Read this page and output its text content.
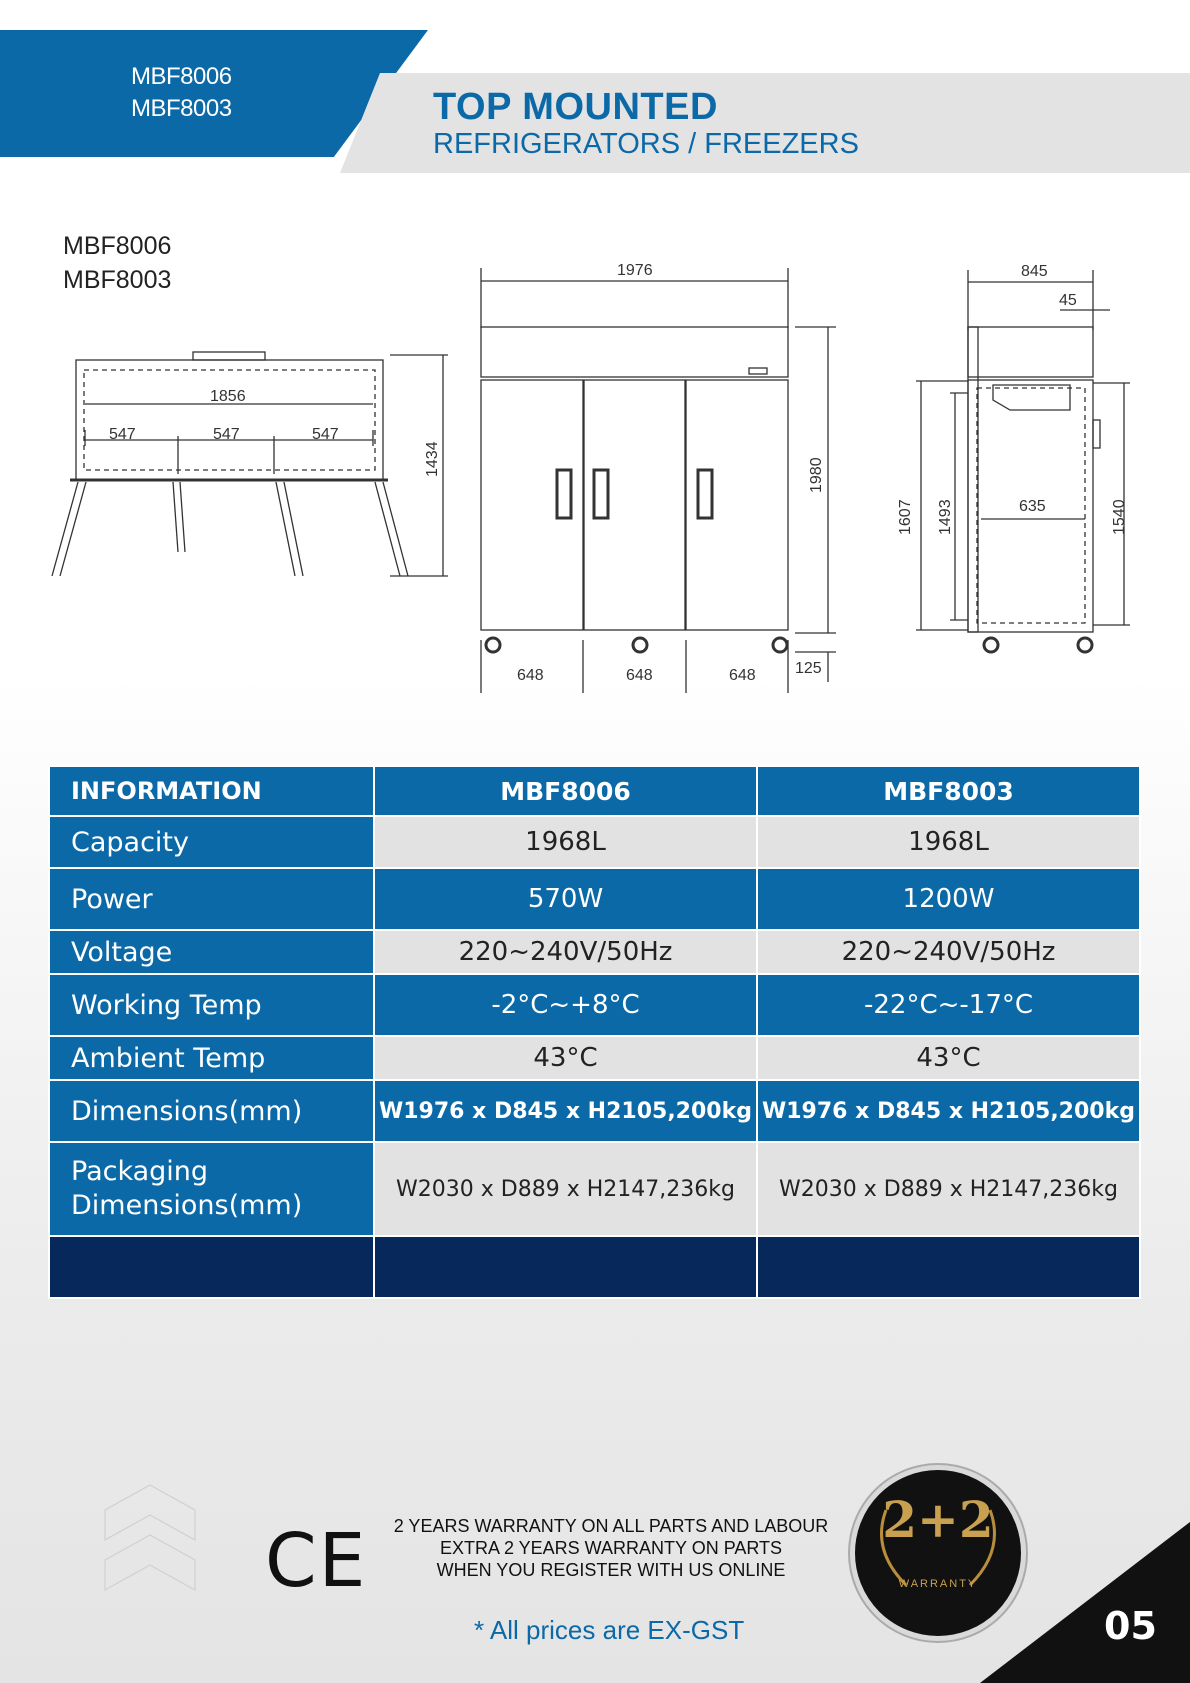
MBF8006
MBF8003	TOP MOUNTED
REFRIGERATORS / FREEZERS
MBF8006
MBF8003
1856
547	547	547
1434
1976
1980
648	648	648 125
845
45
1607 1493	635	1540
INFORMATION	MBF8006	MBF8003
Capacity	1968L	1968L
Power	570W	1200W
Voltage	220~240V/50Hz	220~240V/50Hz
Working Temp	-2°C~+8°C	-22°C~-17°C
Ambient Temp	43°C	43°C
Dimensions(mm)	W1976 x D845 x H2105,200kg	W1976 x D845 x H2105,200kg

Packaging
Dimensions(mm)	W2030 x D889 x H2147,236kg	W2030 x D889 x H2147,236kg

CE	2 YEARS WARRANTY ON ALL PARTS AND LABOUR
EXTRA 2 YEARS WARRANTY ON PARTS
WHEN YOU REGISTER WITH US ONLINE
* All prices are EX-GST
2+2
WARRANTY
05
